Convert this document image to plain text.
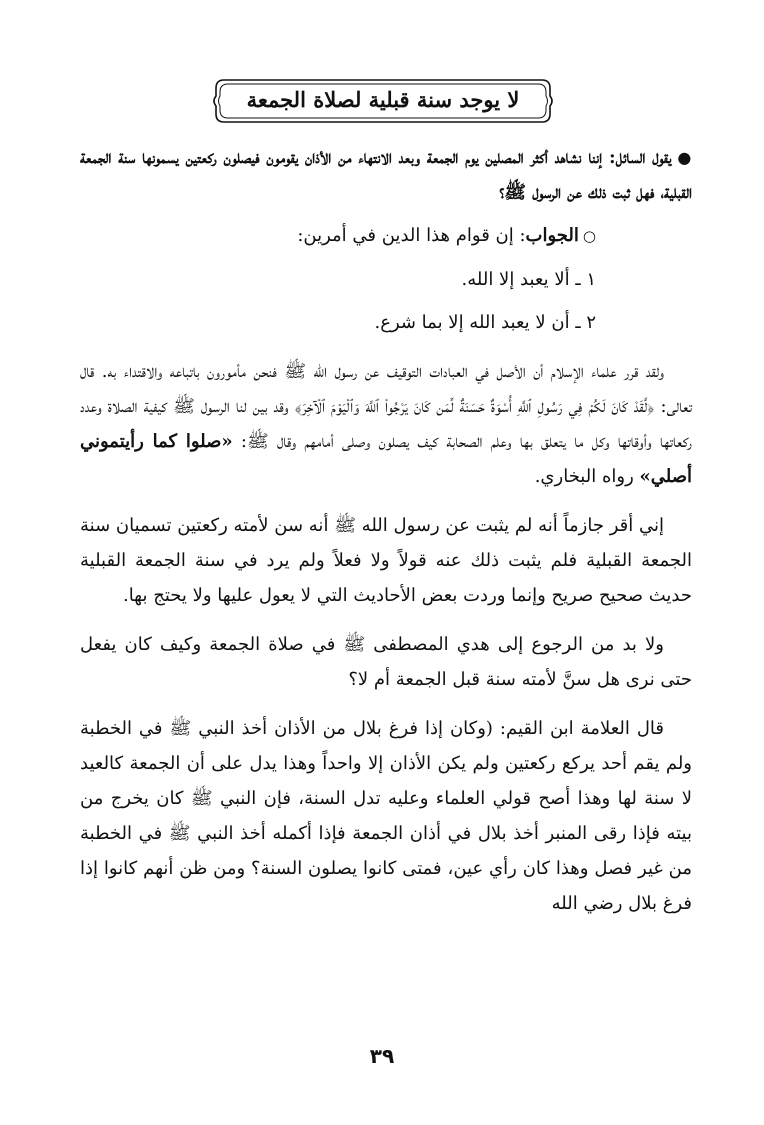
لا يوجد سنة قبلية لصلاة الجمعة

●يقول السائل: إننا نشاهد أكثر المصلين يوم الجمعة وبعد الانتهاء من الأذان يقومون فيصلون ركعتين يسمونها سنة الجمعة القبلية، فهل ثبت ذلك عن الرسول ﷺ؟

○الجواب: إن قوام هذا الدين في أمرين:

١ ـ ألا يعبد إلا الله.

٢ ـ أن لا يعبد الله إلا بما شرع.

ولقد قرر علماء الإسلام أن الأصل في العبادات التوقيف عن رسول الله ﷺ فنحن مأمورون باتباعه والاقتداء به. قال تعالى: ﴿لَّقَدْ كَانَ لَكُمْ فِي رَسُولِ ٱللَّهِ أُسْوَةٌ حَسَنَةٌ لِّمَن كَانَ يَرْجُوا۟ ٱللَّهَ وَٱلْيَوْمَ ٱلْآخِرَ﴾ وقد بين لنا الرسول ﷺ كيفية الصلاة وعدد ركعاتها وأوقاتها وكل ما يتعلق بها وعلم الصحابة كيف يصلون وصلى أمامهم وقال ﷺ: «صلوا كما رأيتموني أصلي» رواه البخاري.

إني أقر جازماً أنه لم يثبت عن رسول الله ﷺ أنه سن لأمته ركعتين تسميان سنة الجمعة القبلية فلم يثبت ذلك عنه قولاً ولا فعلاً ولم يرد في سنة الجمعة القبلية حديث صحيح صريح وإنما وردت بعض الأحاديث التي لا يعول عليها ولا يحتج بها.

ولا بد من الرجوع إلى هدي المصطفى ﷺ في صلاة الجمعة وكيف كان يفعل حتى نرى هل سنَّ لأمته سنة قبل الجمعة أم لا؟

قال العلامة ابن القيم: (وكان إذا فرغ بلال من الأذان أخذ النبي ﷺ في الخطبة ولم يقم أحد يركع ركعتين ولم يكن الأذان إلا واحداً وهذا يدل على أن الجمعة كالعيد لا سنة لها وهذا أصح قولي العلماء وعليه تدل السنة، فإن النبي ﷺ كان يخرج من بيته فإذا رقى المنبر أخذ بلال في أذان الجمعة فإذا أكمله أخذ النبي ﷺ في الخطبة من غير فصل وهذا كان رأي عين، فمتى كانوا يصلون السنة؟ ومن ظن أنهم كانوا إذا فرغ بلال رضي الله

٣٩
